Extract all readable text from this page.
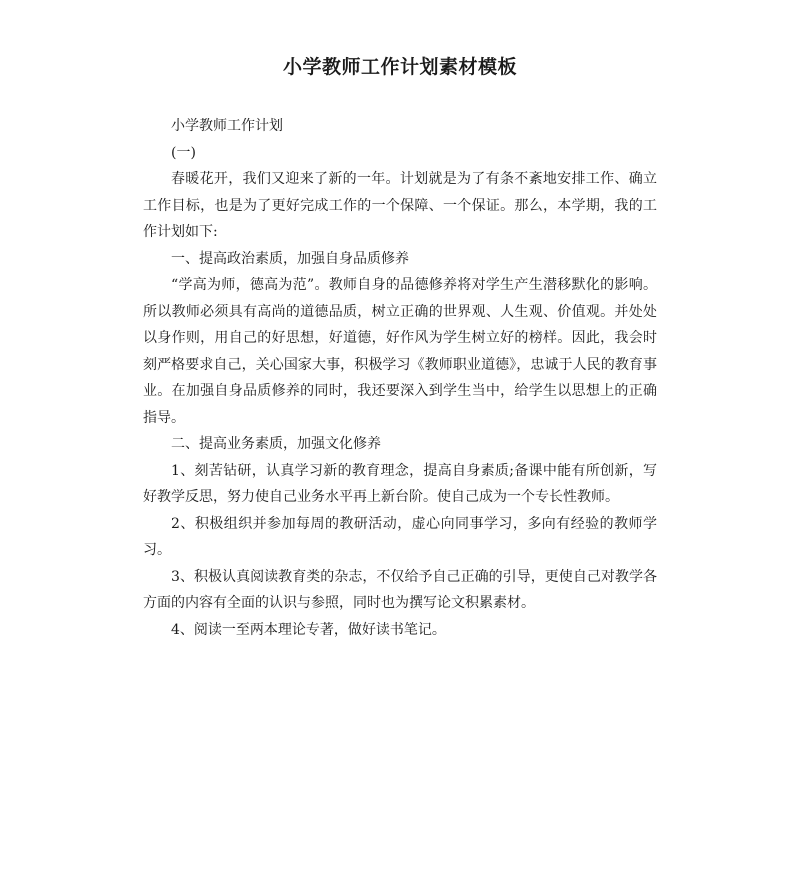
小学教师工作计划素材模板

小学教师工作计划

(一)

春暖花开，我们又迎来了新的一年。计划就是为了有条不紊地安排工作、确立工作目标，也是为了更好完成工作的一个保障、一个保证。那么，本学期，我的工作计划如下:

一、提高政治素质，加强自身品质修养

“学高为师，德高为范”。教师自身的品德修养将对学生产生潜移默化的影响。所以教师必须具有高尚的道德品质，树立正确的世界观、人生观、价值观。并处处以身作则，用自己的好思想，好道德，好作风为学生树立好的榜样。因此，我会时刻严格要求自己，关心国家大事，积极学习《教师职业道德》，忠诚于人民的教育事业。在加强自身品质修养的同时，我还要深入到学生当中，给学生以思想上的正确指导。

二、提高业务素质，加强文化修养

1、刻苦钻研，认真学习新的教育理念，提高自身素质;备课中能有所创新，写好教学反思，努力使自己业务水平再上新台阶。使自己成为一个专长性教师。

2、积极组织并参加每周的教研活动，虚心向同事学习，多向有经验的教师学习。

3、积极认真阅读教育类的杂志，不仅给予自己正确的引导，更使自己对教学各方面的内容有全面的认识与参照，同时也为撰写论文积累素材。

4、阅读一至两本理论专著，做好读书笔记。
